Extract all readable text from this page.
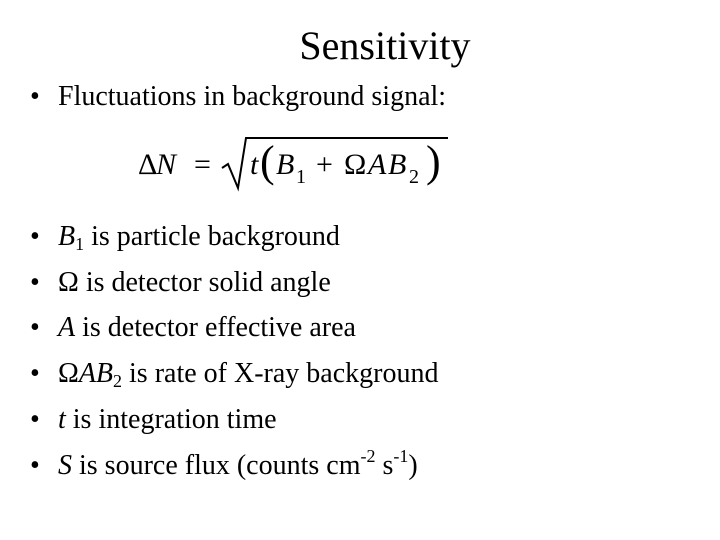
Sensitivity
• Fluctuations in background signal:
Δ
N = t ( B 1 + Ω A B 2 )
• $B_1$ is particle background
• Ω is detector solid angle
• A is detector effective area
• $\Omega AB_2$ is rate of X-ray background
• t is integration time
• S is source flux (counts $cm^{-2}$ $s^{-1}$)
